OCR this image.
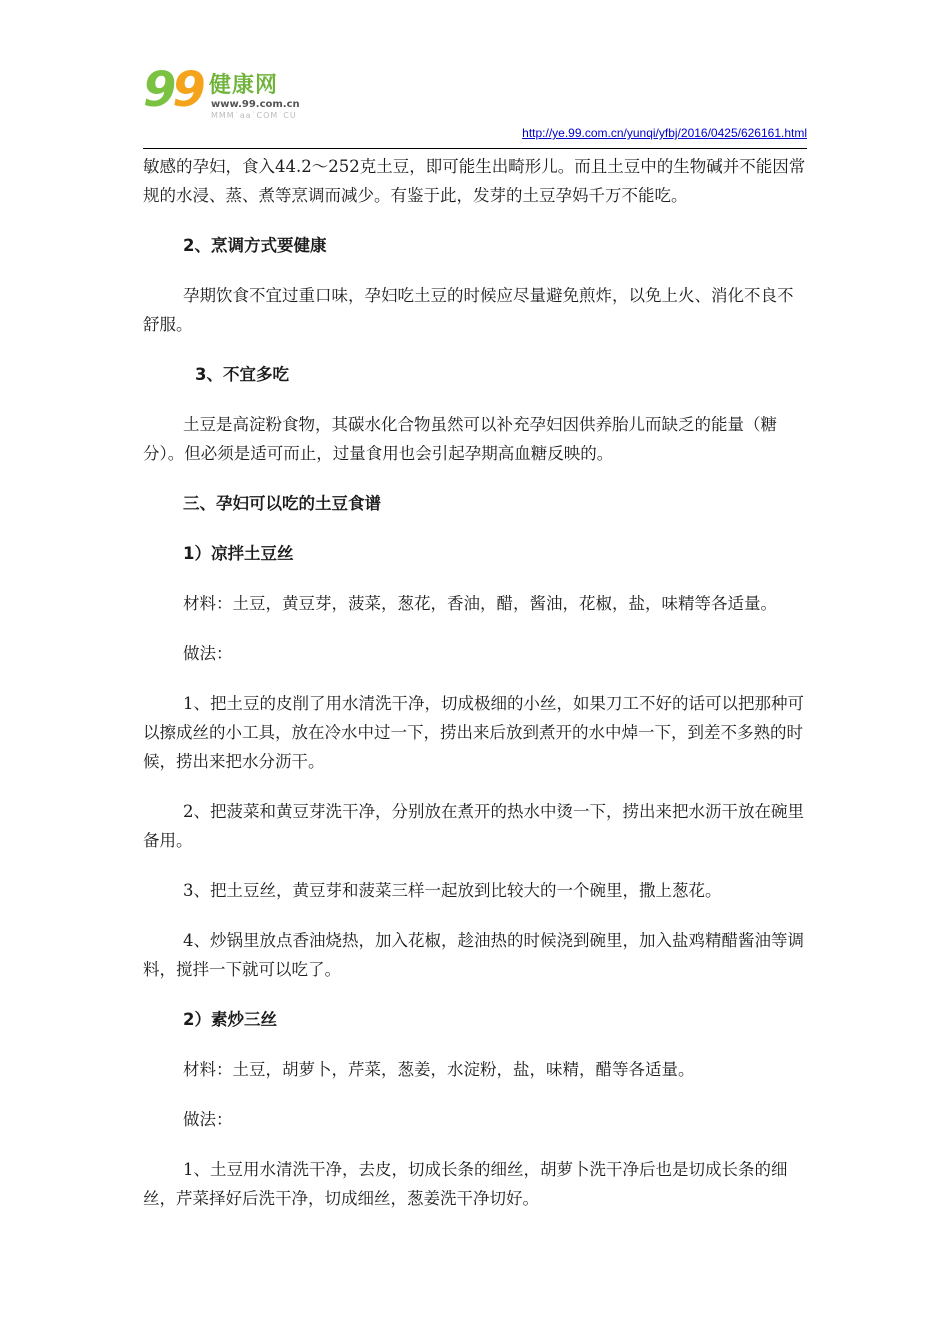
99 健康网
www.99.com.cn
MMM˙aa˙COM˙CU
http://ye.99.com.cn/yunqi/yfbj/2016/0425/626161.html

敏感的孕妇，食入44.2～252克土豆，即可能生出畸形儿。而且土豆中的生物碱并不能因常规的水浸、蒸、煮等烹调而减少。有鉴于此，发芽的土豆孕妈千万不能吃。

2、烹调方式要健康

孕期饮食不宜过重口味，孕妇吃土豆的时候应尽量避免煎炸，以免上火、消化不良不舒服。

3、不宜多吃

土豆是高淀粉食物，其碳水化合物虽然可以补充孕妇因供养胎儿而缺乏的能量（糖分）。但必须是适可而止，过量食用也会引起孕期高血糖反映的。

三、孕妇可以吃的土豆食谱

1）凉拌土豆丝

材料：土豆，黄豆芽，菠菜，葱花，香油，醋，酱油，花椒，盐，味精等各适量。

做法：

1、把土豆的皮削了用水清洗干净，切成极细的小丝，如果刀工不好的话可以把那种可以擦成丝的小工具，放在冷水中过一下，捞出来后放到煮开的水中焯一下，到差不多熟的时候，捞出来把水分沥干。

2、把菠菜和黄豆芽洗干净，分别放在煮开的热水中烫一下，捞出来把水沥干放在碗里备用。

3、把土豆丝，黄豆芽和菠菜三样一起放到比较大的一个碗里，撒上葱花。

4、炒锅里放点香油烧热，加入花椒，趁油热的时候浇到碗里，加入盐鸡精醋酱油等调料，搅拌一下就可以吃了。

2）素炒三丝

材料：土豆，胡萝卜，芹菜，葱姜，水淀粉，盐，味精，醋等各适量。

做法：

1、土豆用水清洗干净，去皮，切成长条的细丝，胡萝卜洗干净后也是切成长条的细丝，芹菜择好后洗干净，切成细丝，葱姜洗干净切好。
